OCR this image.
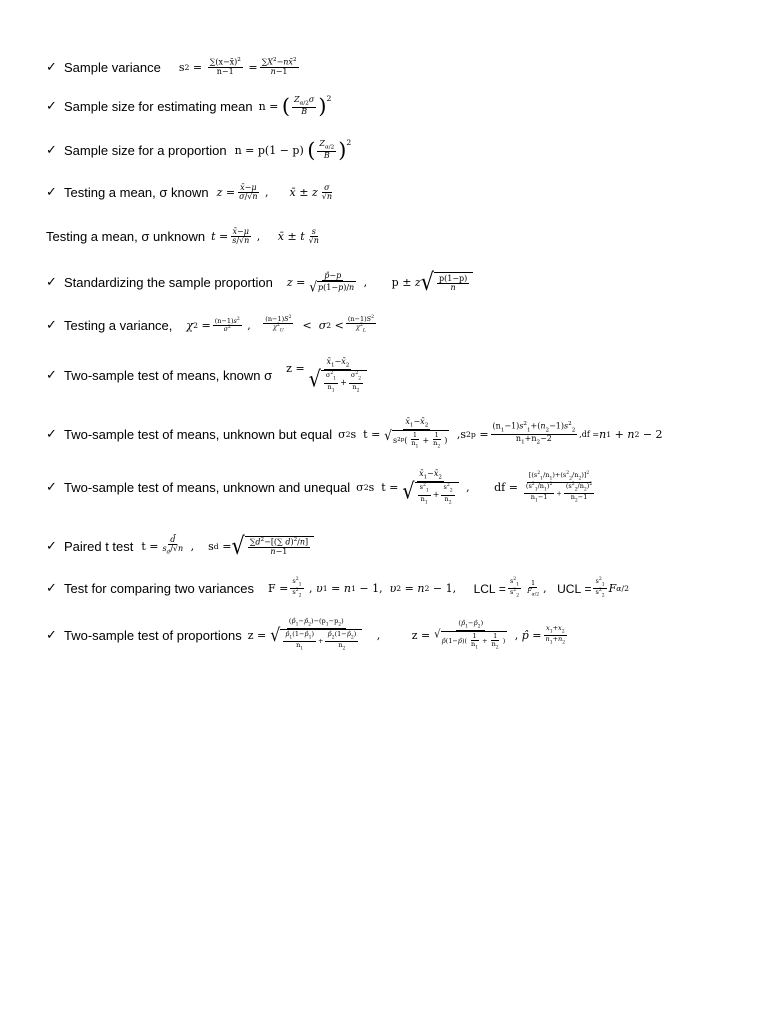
✓ Sample variance s $2 = \frac{\sum(x-x̄)^2}{n-1} = \frac{\sum X^2-nx̄^2}{n-1}$
✓ Sample size for estimating mean n = ( $\frac{Z_{\alpha/2}\sigma}{B} )^2$
✓ Sample size for a proportion n = p(1 − p) ( $\frac{Z_{\alpha/2}}{B} )^2$
✓ Testing a mean, σ known $z = \frac{x̄-\mu}{\sigma/√n}$ , x̄ ± z $\frac{\sigma}{√n}$
Testing a mean, σ unknown $t = \frac{x̄-\mu}{s/√n}$ , x̄ ± t $\frac{s}{√n}$
✓ Standardizing the sample proportion $z = \frac{p̂-p}{√ p (1- p )/ n}$ ,       p ± z √ $\frac{p(1-p)}{n}$
✓ Testing a variance, χ $2 = \frac{(n-1)s^2}{\sigma^2}$ , $\frac{(n-1)S^2}{\chi^2_U} < \sigma$ $2 < \frac{(n-1)S^2}{\chi^2_L}$
✓ Two-sample test of means, known σ $z = \frac{x̄_1-x̄_2}{√ \frac{\sigma^2_1}{n_1} + \frac{\sigma^2_2}{n_2}}$
✓ Two-sample test of means, unknown but equal σ 2 s  $t = \frac{x̄_1-x̄_2}{√ s 2 p ( \frac{1}{n_1} + \frac{1}{n_2} )} ,s$ 2 $p = \frac{(n_1-1)s^2_1+(n_2-1)s^2_2}{n_1+n_2-2} ,df = n$ 1 + n 2 − 2
✓ Two-sample test of means, unknown and unequal σ 2 s  $t = \frac{x̄_1-x̄_2}{√ \frac{s^2_1}{n_1} + \frac{s^2_2}{n_2}}$ ,       df = $\frac{[(s^2_1/n_1)+(s^2_2/n_2)]^2}{\frac{(s^2_1/n_1)^2}{n_1-1} + \frac{(s^2_2/n_2)^2}{n_2-1}}$
✓ Paired t test $t = \frac{d̄}{s_d/√n}$ ,    s d = √ $\frac{\sum d^2-[(\sum d)^2/n]}{n-1}$
✓ Test for comparing two variances $F = \frac{s^2_1}{s^2_2}$ , υ 1 = n 1 − 1, υ 2 = n 2 − 1, LCL = $\frac{s^2_1}{s^2_2} \frac{1}{F_{\alpha/2}}$ , UCL = $\frac{s^2_1}{s^2_2}$ F α/2
✓ Two-sample test of proportions $z = \frac{(p̂_1-p̂_2)-(p_1-p_2)}{√ \frac{p̂_1(1-p̂_1)}{n_1} + \frac{p̂_2(1-p̂_2)}{n_2}}$ ,         $z = (p̂_1-p̂_2)$
√
p̂ (1− p̂ )( $\frac{1}{n_1} + \frac{1}{n_2}$ ) , p̂ = $\frac{x_1+x_2}{n_1+n_2}$
